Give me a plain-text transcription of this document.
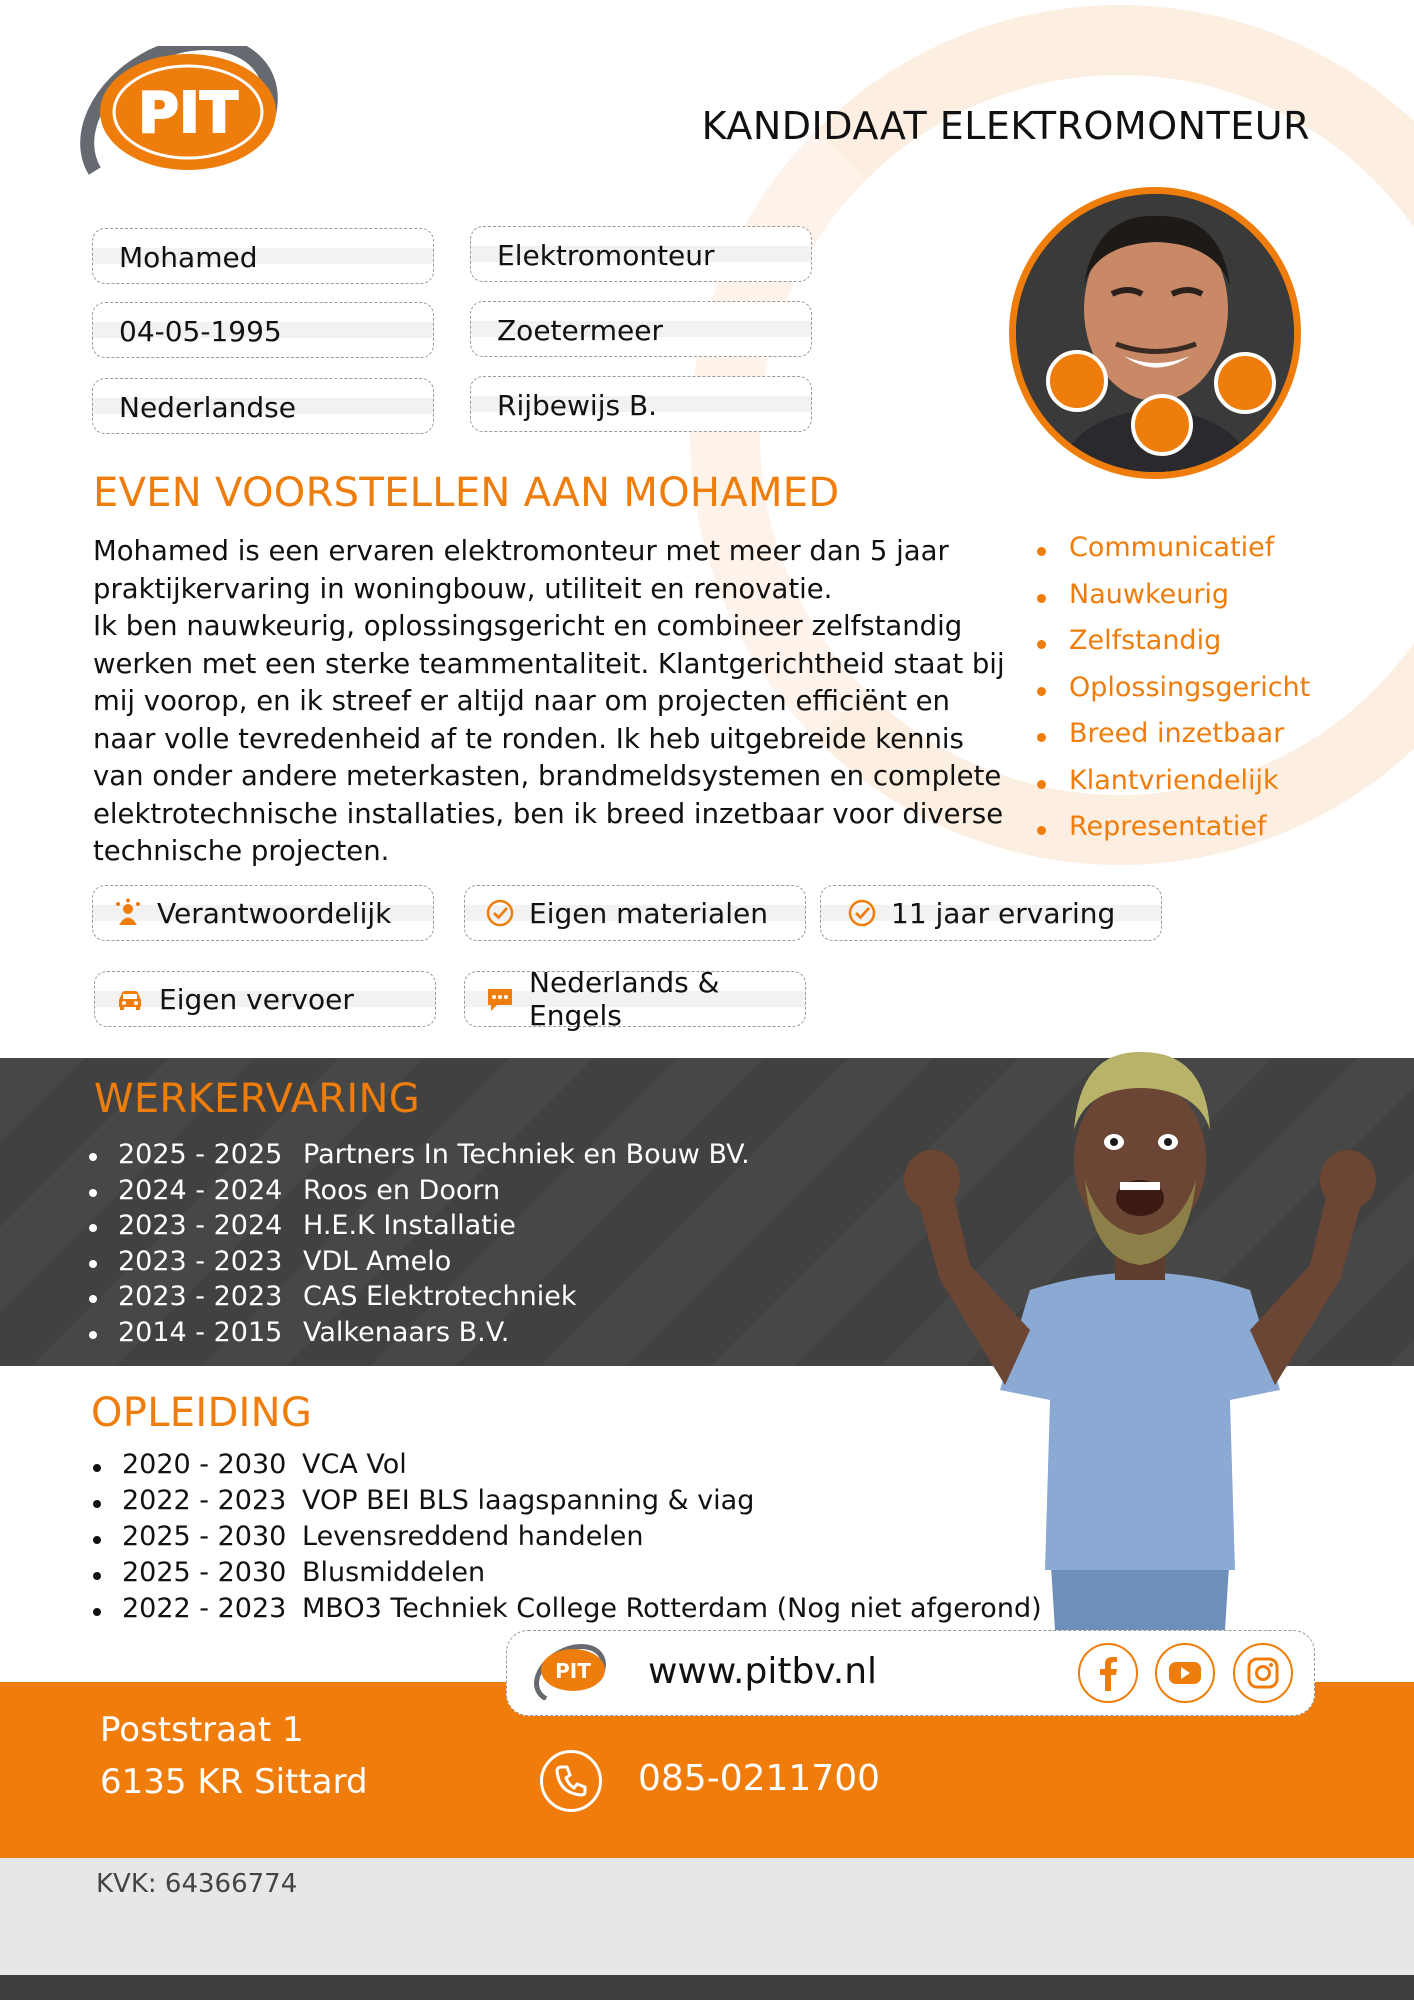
PIT	KANDIDAAT ELEKTROMONTEUR
Mohamed	Elektromonteur
04-05-1995	Zoetermeer
Nederlandse	Rijbewijs B.
EVEN VOORSTELLEN AAN MOHAMED

Mohamed is een ervaren elektromonteur met meer dan 5 jaar praktijkervaring in woningbouw, utiliteit en renovatie.

Ik ben nauwkeurig, oplossingsgericht en combineer zelfstandig werken met een sterke teammentaliteit. Klantgerichtheid staat bij mij voorop, en ik streef er altijd naar om projecten efficiënt en naar volle tevredenheid af te ronden. Ik heb uitgebreide kennis van onder andere meterkasten, brandmeldsystemen en complete elektrotechnische installaties, ben ik breed inzetbaar voor diverse technische projecten.

Communicatief
Nauwkeurig
Zelfstandig
Oplossingsgericht
Breed inzetbaar
Klantvriendelijk
Representatief
Verantwoordelijk	Eigen materialen	11 jaar ervaring
Eigen vervoer	Nederlands & Engels
WERKERVARING
2025 - 2025 Partners In Techniek en Bouw BV.
2024 - 2024 Roos en Doorn
2023 - 2024 H.E.K Installatie
2023 - 2023 VDL Amelo
2023 - 2023 CAS Elektrotechniek
2014 - 2015 Valkenaars B.V.
OPLEIDING
2020 - 2030 VCA Vol
2022 - 2023 VOP BEI BLS laagspanning & viag
2025 - 2030 Levensreddend handelen
2025 - 2030 Blusmiddelen
2022 - 2023 MBO3 Techniek College Rotterdam (Nog niet afgerond)
PIT www.pitbv.nl
Poststraat 1
6135 KR Sittard	085-0211700
KVK: 64366774
